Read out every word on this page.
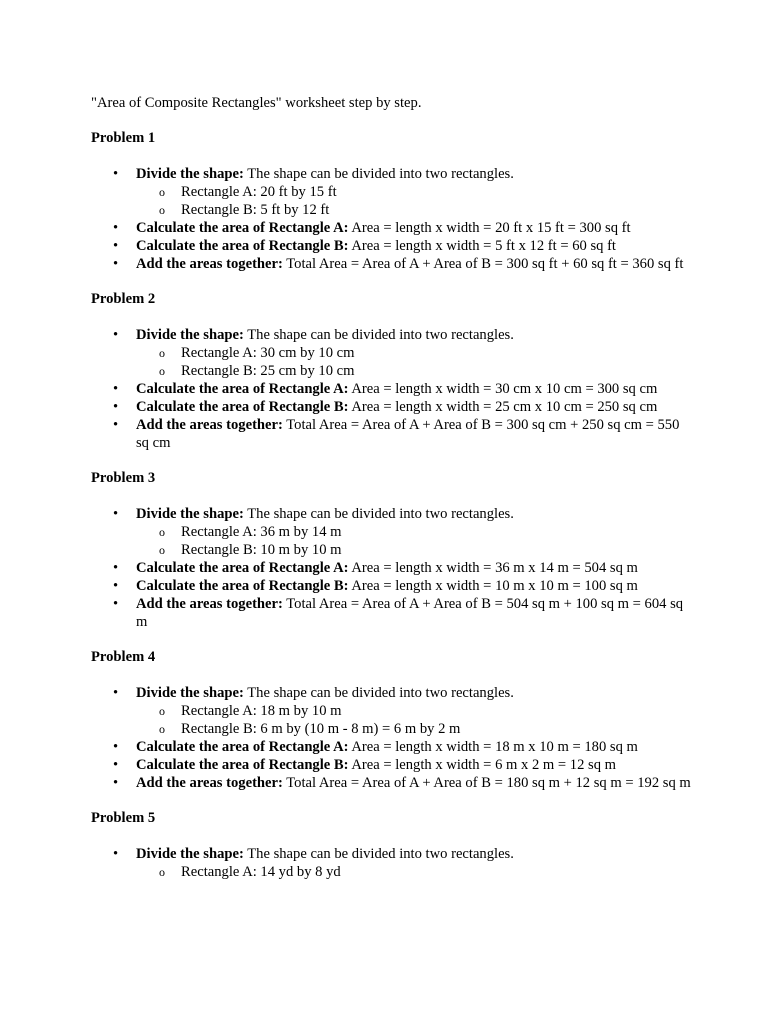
"Area of Composite Rectangles" worksheet step by step.

Problem 1

• Divide the shape: The shape can be divided into two rectangles.
o Rectangle A: 20 ft by 15 ft
o Rectangle B: 5 ft by 12 ft
• Calculate the area of Rectangle A: Area = length x width = 20 ft x 15 ft = 300 sq ft
• Calculate the area of Rectangle B: Area = length x width = 5 ft x 12 ft = 60 sq ft
• Add the areas together: Total Area = Area of A + Area of B = 300 sq ft + 60 sq ft = 360 sq ft

Problem 2

• Divide the shape: The shape can be divided into two rectangles.
o Rectangle A: 30 cm by 10 cm
o Rectangle B: 25 cm by 10 cm
• Calculate the area of Rectangle A: Area = length x width = 30 cm x 10 cm = 300 sq cm
• Calculate the area of Rectangle B: Area = length x width = 25 cm x 10 cm = 250 sq cm
• Add the areas together: Total Area = Area of A + Area of B = 300 sq cm + 250 sq cm = 550 sq cm

Problem 3

• Divide the shape: The shape can be divided into two rectangles.
o Rectangle A: 36 m by 14 m
o Rectangle B: 10 m by 10 m
• Calculate the area of Rectangle A: Area = length x width = 36 m x 14 m = 504 sq m
• Calculate the area of Rectangle B: Area = length x width = 10 m x 10 m = 100 sq m
• Add the areas together: Total Area = Area of A + Area of B = 504 sq m + 100 sq m = 604 sq m

Problem 4

• Divide the shape: The shape can be divided into two rectangles.
o Rectangle A: 18 m by 10 m
o Rectangle B: 6 m by (10 m - 8 m) = 6 m by 2 m
• Calculate the area of Rectangle A: Area = length x width = 18 m x 10 m = 180 sq m
• Calculate the area of Rectangle B: Area = length x width = 6 m x 2 m = 12 sq m
• Add the areas together: Total Area = Area of A + Area of B = 180 sq m + 12 sq m = 192 sq m

Problem 5

• Divide the shape: The shape can be divided into two rectangles.
o Rectangle A: 14 yd by 8 yd
